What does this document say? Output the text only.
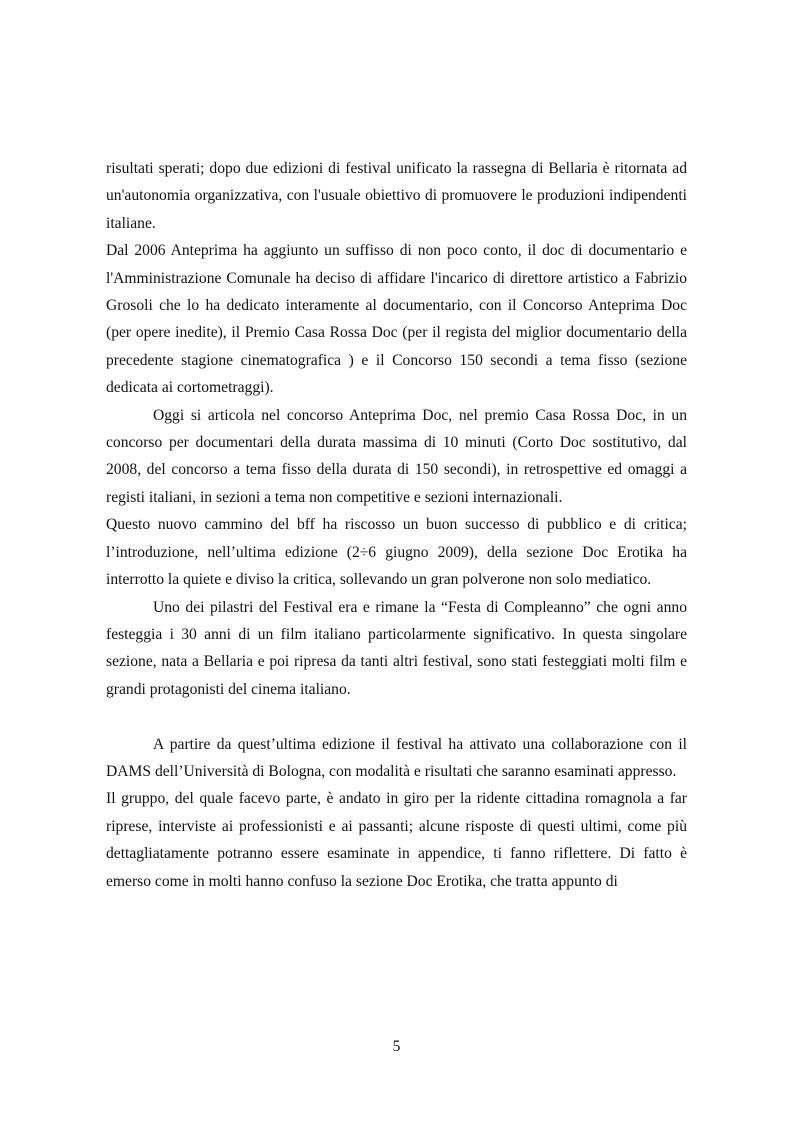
risultati sperati; dopo due edizioni di festival unificato la rassegna di Bellaria è ritornata ad un'autonomia organizzativa, con l'usuale obiettivo di promuovere le produzioni indipendenti italiane.

Dal 2006 Anteprima ha aggiunto un suffisso di non poco conto, il doc di documentario e l'Amministrazione Comunale ha deciso di affidare l'incarico di direttore artistico a Fabrizio Grosoli che lo ha dedicato interamente al documentario, con il Concorso Anteprima Doc (per opere inedite), il Premio Casa Rossa Doc (per il regista del miglior documentario della precedente stagione cinematografica ) e il Concorso 150 secondi a tema fisso (sezione dedicata ai cortometraggi).

Oggi si articola nel concorso Anteprima Doc, nel premio Casa Rossa Doc, in un concorso per documentari della durata massima di 10 minuti (Corto Doc sostitutivo, dal 2008, del concorso a tema fisso della durata di 150 secondi), in retrospettive ed omaggi a registi italiani, in sezioni a tema non competitive e sezioni internazionali.

Questo nuovo cammino del bff ha riscosso un buon successo di pubblico e di critica; l’introduzione, nell’ultima edizione (2÷6 giugno 2009), della sezione Doc Erotika ha interrotto la quiete e diviso la critica, sollevando un gran polverone non solo mediatico.

Uno dei pilastri del Festival era e rimane la “Festa di Compleanno” che ogni anno festeggia i 30 anni di un film italiano particolarmente significativo. In questa singolare sezione, nata a Bellaria e poi ripresa da tanti altri festival, sono stati festeggiati molti film e grandi protagonisti del cinema italiano.

A partire da quest’ultima edizione il festival ha attivato una collaborazione con il DAMS dell’Università di Bologna, con modalità e risultati che saranno esaminati appresso.

Il gruppo, del quale facevo parte, è andato in giro per la ridente cittadina romagnola a far riprese, interviste ai professionisti e ai passanti; alcune risposte di questi ultimi, come più dettagliatamente potranno essere esaminate in appendice, ti fanno riflettere. Di fatto è emerso come in molti hanno confuso la sezione Doc Erotika, che tratta appunto di

5
